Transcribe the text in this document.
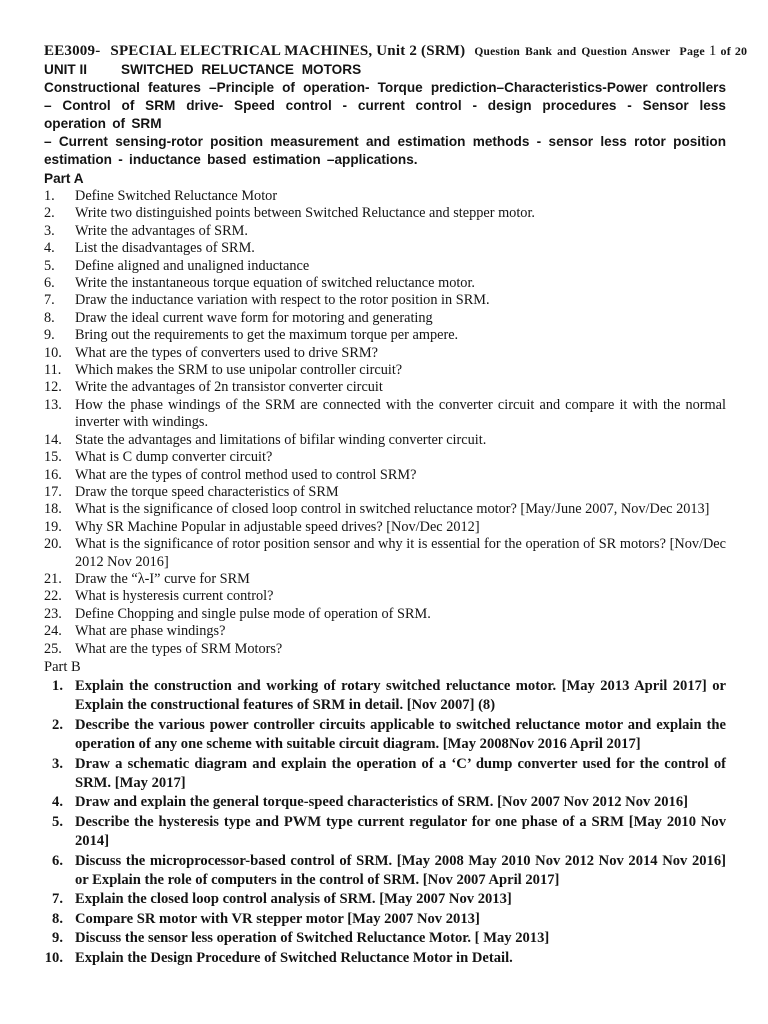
EE3009- SPECIAL ELECTRICAL MACHINES, Unit 2 (SRM) Question Bank and Question Answer Page 1 of 20
UNIT II	SWITCHED RELUCTANCE MOTORS

Constructional features –Principle of operation- Torque prediction–Characteristics-Power controllers – Control of SRM drive- Speed control - current control - design procedures - Sensor less operation of SRM

– Current sensing-rotor position measurement and estimation methods - sensor less rotor position estimation - inductance based estimation –applications.

Part A
1. Define Switched Reluctance Motor
2. Write two distinguished points between Switched Reluctance and stepper motor.
3. Write the advantages of SRM.
4. List the disadvantages of SRM.
5. Define aligned and unaligned inductance
6. Write the instantaneous torque equation of switched reluctance motor.
7. Draw the inductance variation with respect to the rotor position in SRM.
8. Draw the ideal current wave form for motoring and generating
9. Bring out the requirements to get the maximum torque per ampere.
10. What are the types of converters used to drive SRM?
11. Which makes the SRM to use unipolar controller circuit?
12. Write the advantages of 2n transistor converter circuit
13. How the phase windings of the SRM are connected with the converter circuit and compare it with the normal inverter with windings.
14. State the advantages and limitations of bifilar winding converter circuit.
15. What is C dump converter circuit?
16. What are the types of control method used to control SRM?
17. Draw the torque speed characteristics of SRM
18. What is the significance of closed loop control in switched reluctance motor? [May/June 2007, Nov/Dec 2013]
19. Why SR Machine Popular in adjustable speed drives? [Nov/Dec 2012]
20. What is the significance of rotor position sensor and why it is essential for the operation of SR motors? [Nov/Dec 2012 Nov 2016]
21. Draw the “λ-I” curve for SRM
22. What is hysteresis current control?
23. Define Chopping and single pulse mode of operation of SRM.
24. What are phase windings?
25. What are the types of SRM Motors?
Part B
1. Explain the construction and working of rotary switched reluctance motor. [May 2013 April 2017] or Explain the constructional features of SRM in detail. [Nov 2007] (8)
2. Describe the various power controller circuits applicable to switched reluctance motor and explain the operation of any one scheme with suitable circuit diagram. [May 2008Nov 2016 April 2017]
3. Draw a schematic diagram and explain the operation of a ‘C’ dump converter used for the control of SRM. [May 2017]
4. Draw and explain the general torque-speed characteristics of SRM. [Nov 2007 Nov 2012 Nov 2016]
5. Describe the hysteresis type and PWM type current regulator for one phase of a SRM [May 2010 Nov 2014]
6. Discuss the microprocessor-based control of SRM. [May 2008 May 2010 Nov 2012 Nov 2014 Nov 2016] or Explain the role of computers in the control of SRM. [Nov 2007 April 2017]
7. Explain the closed loop control analysis of SRM. [May 2007 Nov 2013]
8. Compare SR motor with VR stepper motor [May 2007 Nov 2013]
9. Discuss the sensor less operation of Switched Reluctance Motor. [ May 2013]
10. Explain the Design Procedure of Switched Reluctance Motor in Detail.
